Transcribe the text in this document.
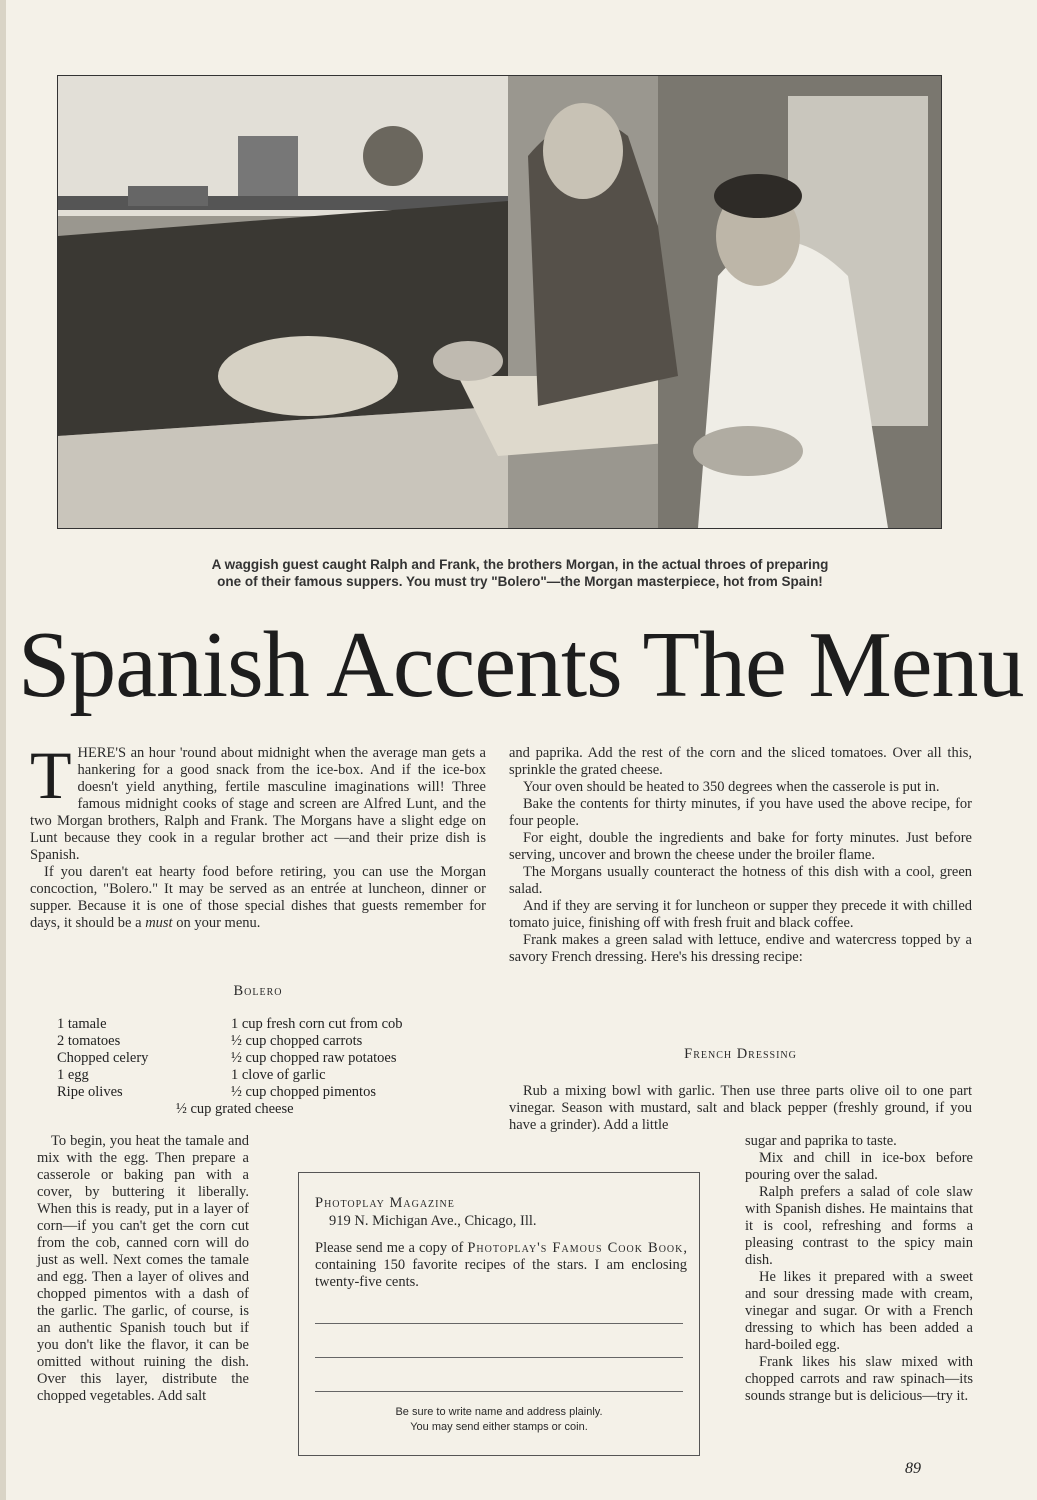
A waggish guest caught Ralph and Frank, the brothers Morgan, in the actual throes of preparing
one of their famous suppers. You must try "Bolero"—the Morgan masterpiece, hot from Spain!
Spanish Accents The Menu

THERE'S an hour 'round about midnight when the average man gets a hankering for a good snack from the ice-box. And if the ice-box doesn't yield anything, fertile masculine imaginations will! Three famous midnight cooks of stage and screen are Alfred Lunt, and the two Morgan brothers, Ralph and Frank. The Morgans have a slight edge on Lunt because they cook in a regular brother act —and their prize dish is Spanish.

If you daren't eat hearty food before retiring, you can use the Morgan concoction, "Bolero." It may be served as an entrée at luncheon, dinner or supper. Because it is one of those special dishes that guests remember for days, it should be a must on your menu.

Bolero
1 tamale
2 tomatoes
Chopped celery
1 egg
Ripe olives
1 cup fresh corn cut from cob
½ cup chopped carrots
½ cup chopped raw potatoes
1 clove of garlic
½ cup chopped pimentos
½ cup grated cheese

To begin, you heat the tamale and mix with the egg. Then prepare a casserole or baking pan with a cover, by buttering it liberally. When this is ready, put in a layer of corn—if you can't get the corn cut from the cob, canned corn will do just as well. Next comes the tamale and egg. Then a layer of olives and chopped pimentos with a dash of the garlic. The garlic, of course, is an authentic Spanish touch but if you don't like the flavor, it can be omitted without ruining the dish. Over this layer, distribute the chopped vegetables. Add salt

and paprika. Add the rest of the corn and the sliced tomatoes. Over all this, sprinkle the grated cheese.

Your oven should be heated to 350 degrees when the casserole is put in.

Bake the contents for thirty minutes, if you have used the above recipe, for four people.

For eight, double the ingredients and bake for forty minutes. Just before serving, uncover and brown the cheese under the broiler flame.

The Morgans usually counteract the hotness of this dish with a cool, green salad.

And if they are serving it for luncheon or supper they precede it with chilled tomato juice, finishing off with fresh fruit and black coffee.

Frank makes a green salad with lettuce, endive and watercress topped by a savory French dressing. Here's his dressing recipe:

French Dressing

Rub a mixing bowl with garlic. Then use three parts olive oil to one part vinegar. Season with mustard, salt and black pepper (freshly ground, if you have a grinder). Add a little

sugar and paprika to taste.

Mix and chill in ice-box before pouring over the salad.

Ralph prefers a salad of cole slaw with Spanish dishes. He maintains that it is cool, refreshing and forms a pleasing contrast to the spicy main dish.

He likes it prepared with a sweet and sour dressing made with cream, vinegar and sugar. Or with a French dressing to which has been added a hard-boiled egg.

Frank likes his slaw mixed with chopped carrots and raw spinach—its sounds strange but is delicious—try it.

Photoplay Magazine
919 N. Michigan Ave., Chicago, Ill.
Please send me a copy of Photoplay's Famous Cook Book, containing 150 favorite recipes of the stars. I am enclosing twenty-five cents.
Be sure to write name and address plainly.
You may send either stamps or coin.
89
